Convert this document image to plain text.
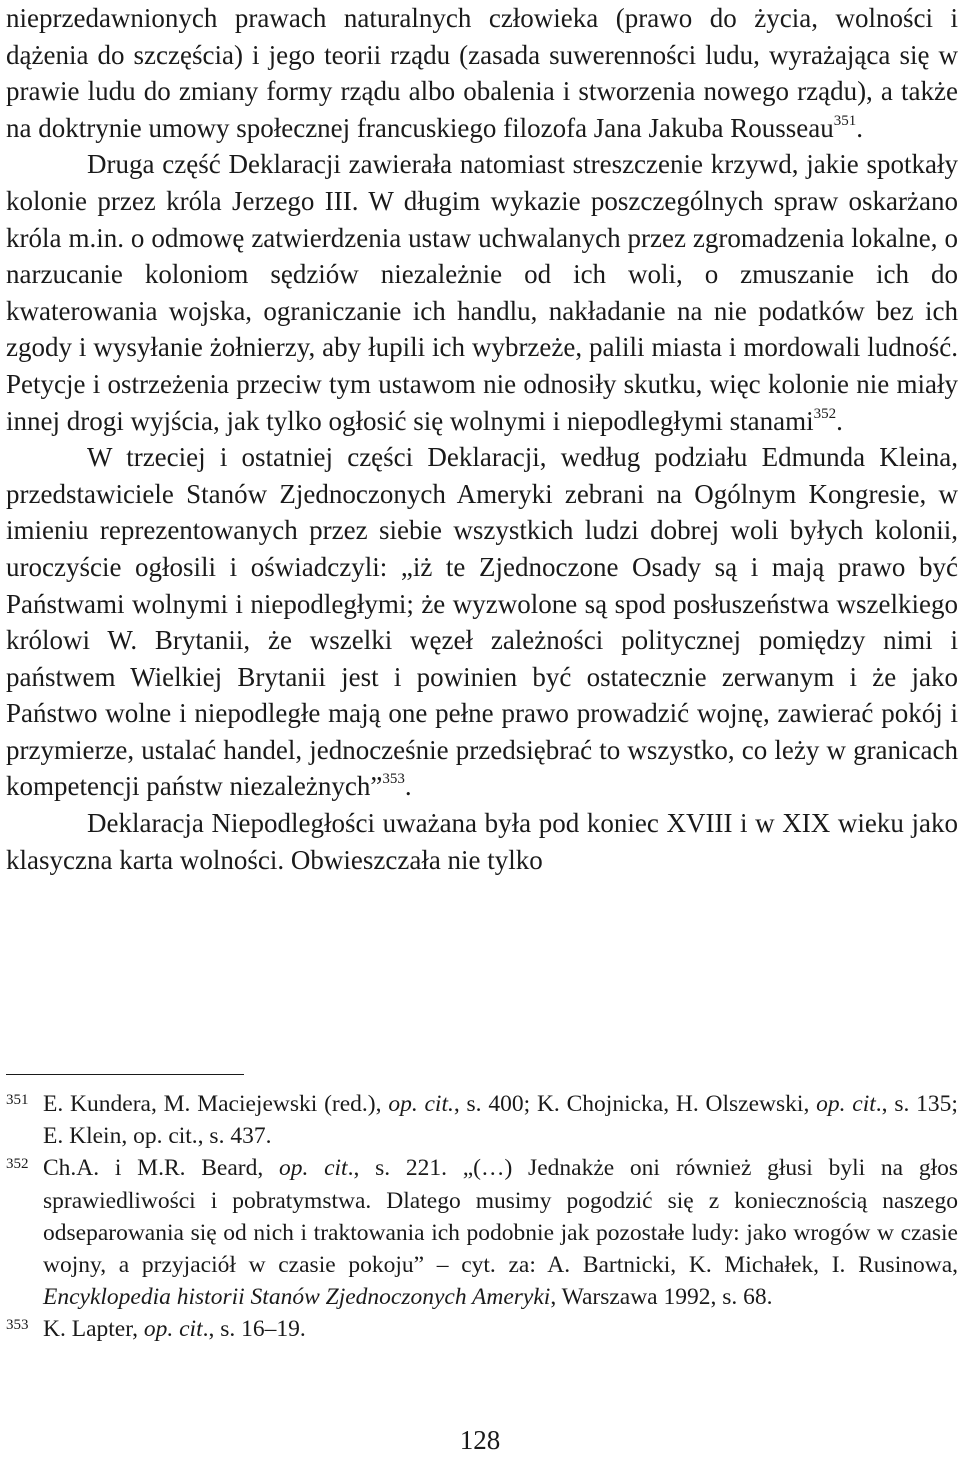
nieprzedawnionych prawach naturalnych człowieka (prawo do życia, wolności i dążenia do szczęścia) i jego teorii rządu (zasada suwerenności ludu, wyrażająca się w prawie ludu do zmiany formy rządu albo obalenia i stworzenia nowego rządu), a także na doktrynie umowy społecznej francuskiego filozofa Jana Jakuba Rousseau$^{351}$.

Druga część Deklaracji zawierała natomiast streszczenie krzywd, jakie spotkały kolonie przez króla Jerzego III. W długim wykazie poszczególnych spraw oskarżano króla m.in. o odmowę zatwierdzenia ustaw uchwalanych przez zgromadzenia lokalne, o narzucanie koloniom sędziów niezależnie od ich woli, o zmuszanie ich do kwaterowania wojska, ograniczanie ich handlu, nakładanie na nie podatków bez ich zgody i wysyłanie żołnierzy, aby łupili ich wybrzeże, palili miasta i mordowali ludność. Petycje i ostrzeżenia przeciw tym ustawom nie odnosiły skutku, więc kolonie nie miały innej drogi wyjścia, jak tylko ogłosić się wolnymi i niepodległymi stanami$^{352}$.

W trzeciej i ostatniej części Deklaracji, według podziału Edmunda Kleina, przedstawiciele Stanów Zjednoczonych Ameryki zebrani na Ogólnym Kongresie, w imieniu reprezentowanych przez siebie wszystkich ludzi dobrej woli byłych kolonii, uroczyście ogłosili i oświadczyli: „iż te Zjednoczone Osady są i mają prawo być Państwami wolnymi i niepodległymi; że wyzwolone są spod posłuszeństwa wszelkiego królowi W. Brytanii, że wszelki węzeł zależności politycznej pomiędzy nimi i państwem Wielkiej Brytanii jest i powinien być ostatecznie zerwanym i że jako Państwo wolne i niepodległe mają one pełne prawo prowadzić wojnę, zawierać pokój i przymierze, ustalać handel, jednocześnie przedsiębrać to wszystko, co leży w granicach kompetencji państw niezależnych”$^{353}$.

Deklaracja Niepodległości uważana była pod koniec XVIII i w XIX wieku jako klasyczna karta wolności. Obwieszczała nie tylko

351 E. Kundera, M. Maciejewski (red.), op. cit., s. 400; K. Chojnicka, H. Olszewski, op. cit., s. 135; E. Klein, op. cit., s. 437.

352 Ch.A. i M.R. Beard, op. cit., s. 221. „(…) Jednakże oni również głusi byli na głos sprawiedliwości i pobratymstwa. Dlatego musimy pogodzić się z koniecznością naszego odseparowania się od nich i traktowania ich podobnie jak pozostałe ludy: jako wrogów w czasie wojny, a przyjaciół w czasie pokoju” – cyt. za: A. Bartnicki, K. Michałek, I. Rusinowa, Encyklopedia historii Stanów Zjednoczonych Ameryki, Warszawa 1992, s. 68.

353 K. Lapter, op. cit., s. 16–19.

128
